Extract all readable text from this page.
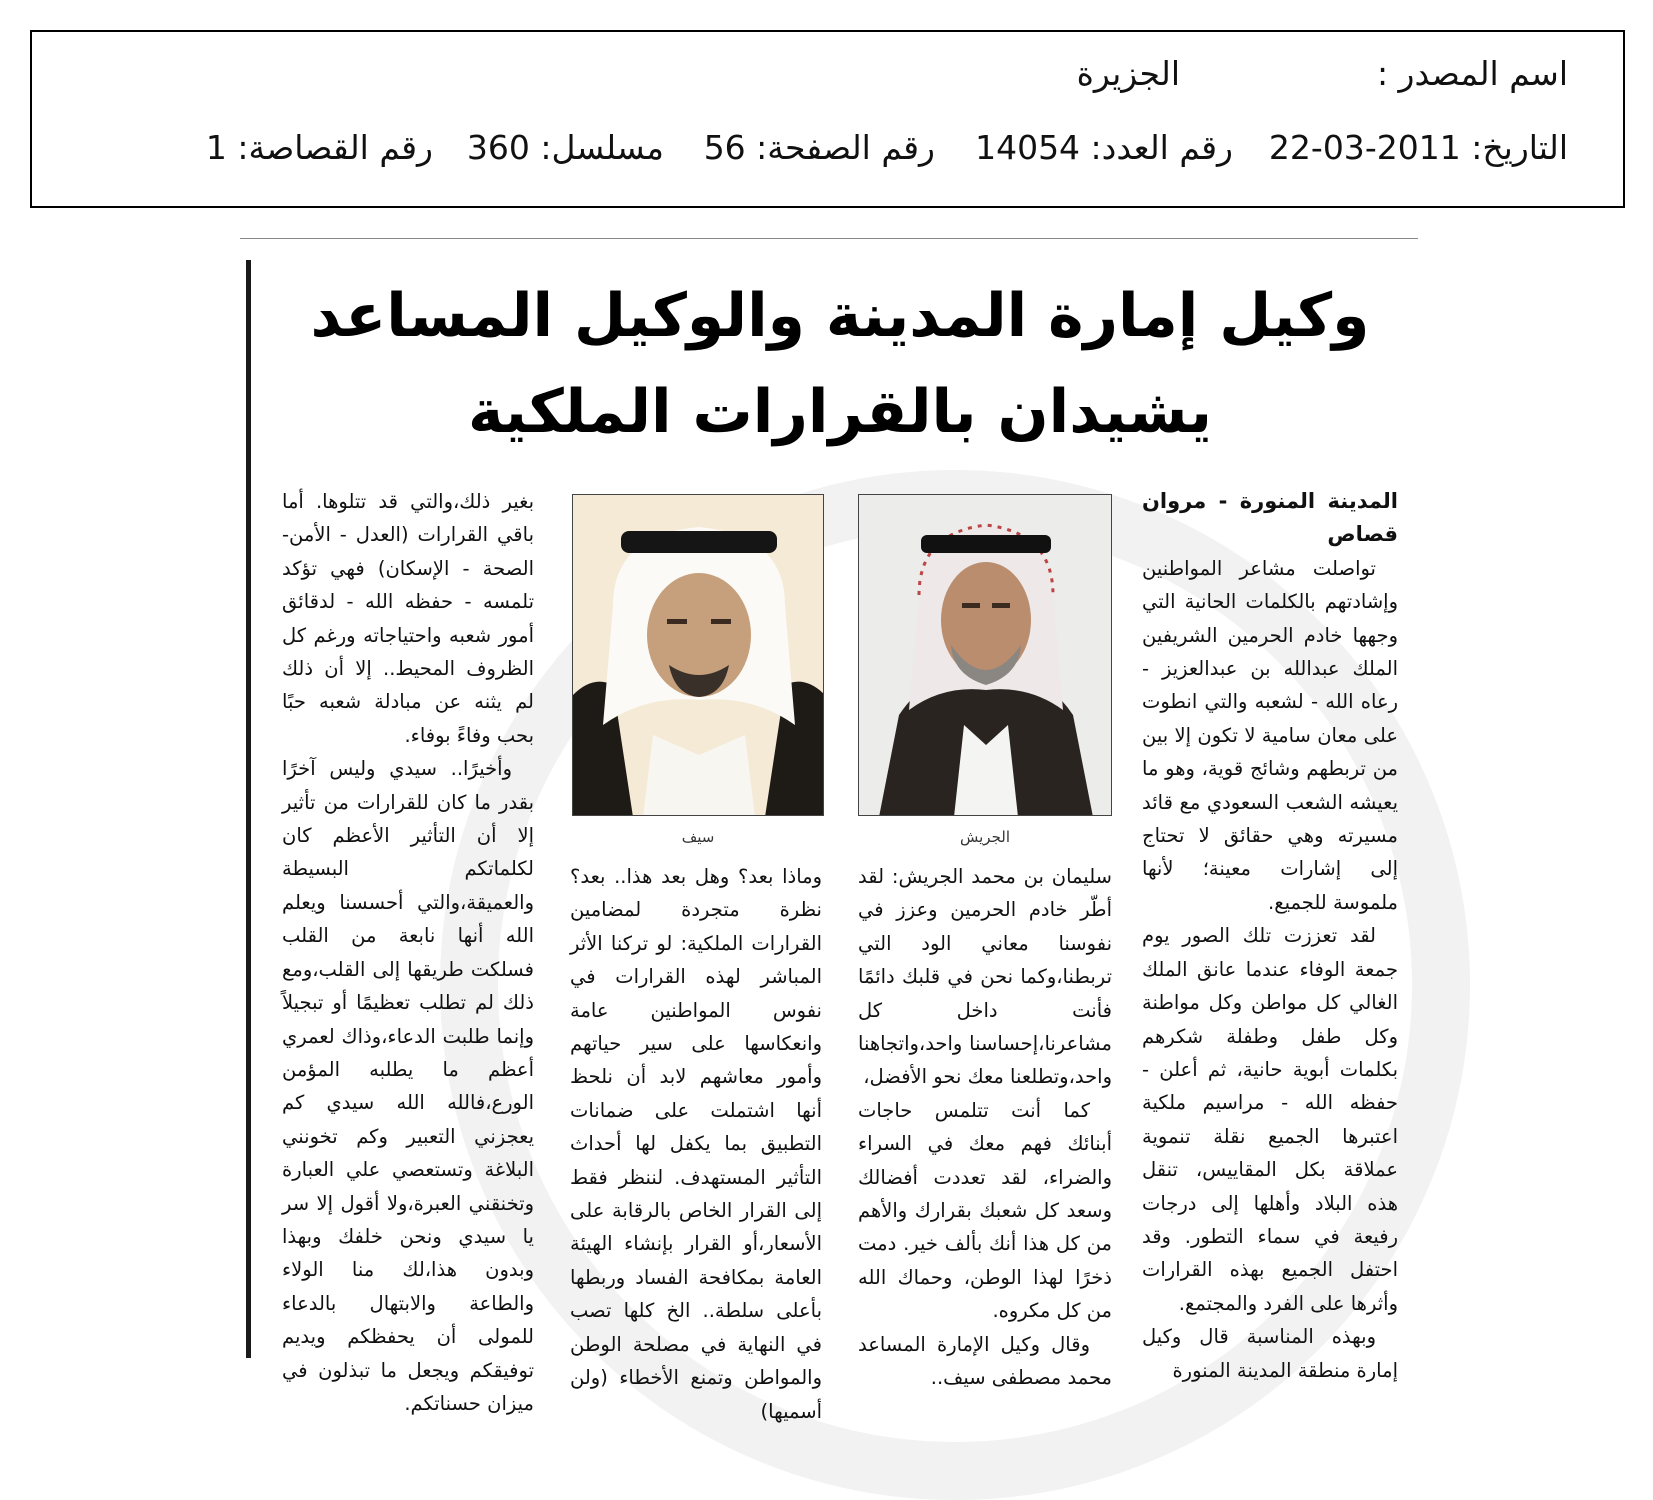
اسم المصدر :
الجزيرة
التاريخ: 2011-03-22
رقم العدد: 14054
رقم الصفحة: 56
مسلسل: 360
رقم القصاصة: 1
وكيل إمارة المدينة والوكيل المساعد
يشيدان بالقرارات الملكية
الجريش
سيف

المدينة المنورة - مروان قصاص

تواصلت مشاعر المواطنين وإشادتهم بالكلمات الحانية التي وجهها خادم الحرمين الشريفين الملك عبدالله بن عبدالعزيز - رعاه الله - لشعبه والتي انطوت على معان سامية لا تكون إلا بين من تربطهم وشائج قوية، وهو ما يعيشه الشعب السعودي مع قائد مسيرته وهي حقائق لا تحتاج إلى إشارات معينة؛ لأنها ملموسة للجميع.

لقد تعززت تلك الصور يوم جمعة الوفاء عندما عانق الملك الغالي كل مواطن وكل مواطنة وكل طفل وطفلة شكرهم بكلمات أبوية حانية، ثم أعلن - حفظه الله - مراسيم ملكية اعتبرها الجميع نقلة تنموية عملاقة بكل المقاييس، تنقل هذه البلاد وأهلها إلى درجات رفيعة في سماء التطور. وقد احتفل الجميع بهذه القرارات وأثرها على الفرد والمجتمع.

وبهذه المناسبة قال وكيل إمارة منطقة المدينة المنورة

سليمان بن محمد الجريش: لقد أطّر خادم الحرمين وعزز في نفوسنا معاني الود التي تربطنا،وكما نحن في قلبك دائمًا فأنت داخل كل مشاعرنا،إحساسنا واحد،واتجاهنا واحد،وتطلعنا معك نحو الأفضل،

كما أنت تتلمس حاجات أبنائك فهم معك في السراء والضراء، لقد تعددت أفضالك وسعد كل شعبك بقرارك والأهم من كل هذا أنك بألف خير. دمت ذخرًا لهذا الوطن، وحماك الله من كل مكروه.

وقال وكيل الإمارة المساعد محمد مصطفى سيف..

وماذا بعد؟ وهل بعد هذا.. بعد؟ نظرة متجردة لمضامين القرارات الملكية: لو تركنا الأثر المباشر لهذه القرارات في نفوس المواطنين عامة وانعكاسها على سير حياتهم وأمور معاشهم لابد أن نلحظ أنها اشتملت على ضمانات التطبيق بما يكفل لها أحداث التأثير المستهدف. لننظر فقط إلى القرار الخاص بالرقابة على الأسعار،أو القرار بإنشاء الهيئة العامة بمكافحة الفساد وربطها بأعلى سلطة.. الخ كلها تصب في النهاية في مصلحة الوطن والمواطن وتمنع الأخطاء (ولن أسميها)

بغير ذلك،والتي قد تتلوها. أما باقي القرارات (العدل - الأمن- الصحة - الإسكان) فهي تؤكد تلمسه - حفظه الله - لدقائق أمور شعبه واحتياجاته ورغم كل الظروف المحيط.. إلا أن ذلك لم يثنه عن مبادلة شعبه حبًا بحب وفاءً بوفاء.

وأخيرًا.. سيدي وليس آخرًا بقدر ما كان للقرارات من تأثير إلا أن التأثير الأعظم كان لكلماتكم البسيطة والعميقة،والتي أحسسنا ويعلم الله أنها نابعة من القلب فسلكت طريقها إلى القلب،ومع ذلك لم تطلب تعظيمًا أو تبجيلاً وإنما طلبت الدعاء،وذاك لعمري أعظم ما يطلبه المؤمن الورع،فالله الله سيدي كم يعجزني التعبير وكم تخونني البلاغة وتستعصي علي العبارة وتخنقني العبرة،ولا أقول إلا سر يا سيدي ونحن خلفك وبهذا وبدون هذا،لك منا الولاء والطاعة والابتهال بالدعاء للمولى أن يحفظكم ويديم توفيقكم ويجعل ما تبذلون في ميزان حسناتكم.
